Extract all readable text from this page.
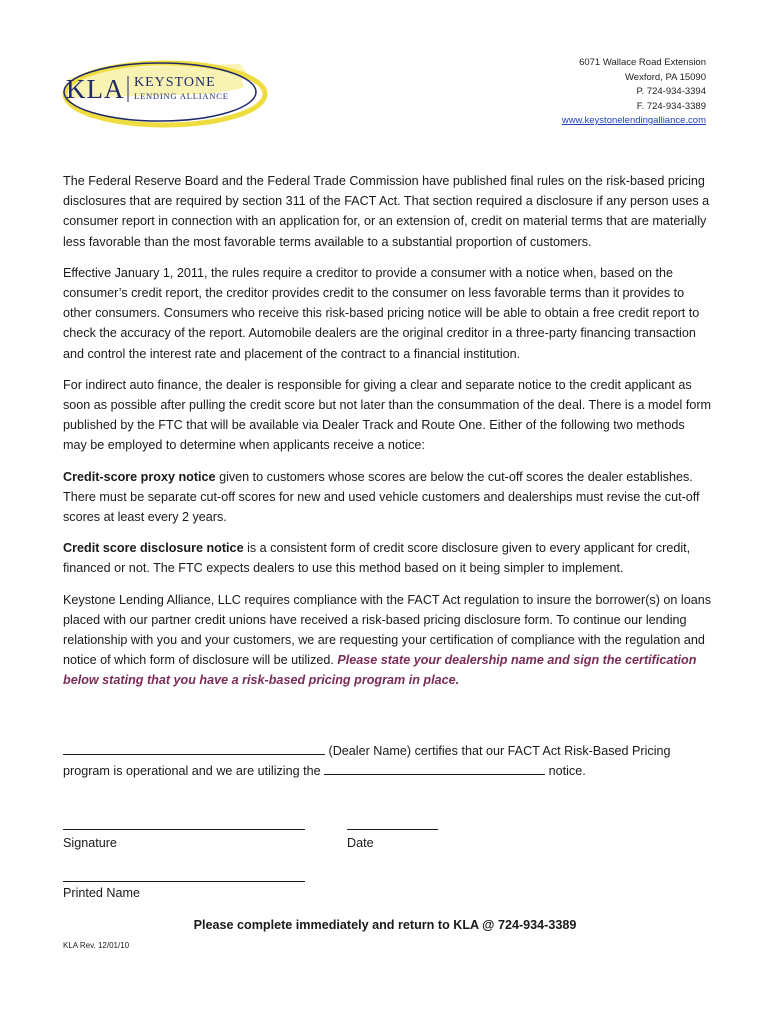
KLA KEYSTONE
LENDING ALLIANCE
6071 Wallace Road Extension
Wexford, PA 15090
P. 724-934-3394
F. 724-934-3389
www.keystonelendingalliance.com

The Federal Reserve Board and the Federal Trade Commission have published final rules on the risk-based pricing disclosures that are required by section 311 of the FACT Act. That section required a disclosure if any person uses a consumer report in connection with an application for, or an extension of, credit on material terms that are materially less favorable than the most favorable terms available to a substantial proportion of customers.

Effective January 1, 2011, the rules require a creditor to provide a consumer with a notice when, based on the consumer’s credit report, the creditor provides credit to the consumer on less favorable terms than it provides to other consumers. Consumers who receive this risk-based pricing notice will be able to obtain a free credit report to check the accuracy of the report. Automobile dealers are the original creditor in a three-party financing transaction and control the interest rate and placement of the contract to a financial institution.

For indirect auto finance, the dealer is responsible for giving a clear and separate notice to the credit applicant as soon as possible after pulling the credit score but not later than the consummation of the deal. There is a model form published by the FTC that will be available via Dealer Track and Route One. Either of the following two methods may be employed to determine when applicants receive a notice:

Credit-score proxy notice given to customers whose scores are below the cut-off scores the dealer establishes. There must be separate cut-off scores for new and used vehicle customers and dealerships must revise the cut-off scores at least every 2 years.

Credit score disclosure notice is a consistent form of credit score disclosure given to every applicant for credit, financed or not. The FTC expects dealers to use this method based on it being simpler to implement.

Keystone Lending Alliance, LLC requires compliance with the FACT Act regulation to insure the borrower(s) on loans placed with our partner credit unions have received a risk-based pricing disclosure form. To continue our lending relationship with you and your customers, we are requesting your certification of compliance with the regulation and notice of which form of disclosure will be utilized. Please state your dealership name and sign the certification below stating that you have a risk-based pricing program in place.

(Dealer Name) certifies that our FACT Act Risk-Based Pricing
program is operational and we are utilizing the	notice.
Signature	Date
Printed Name
Please complete immediately and return to KLA @ 724-934-3389
KLA Rev. 12/01/10
